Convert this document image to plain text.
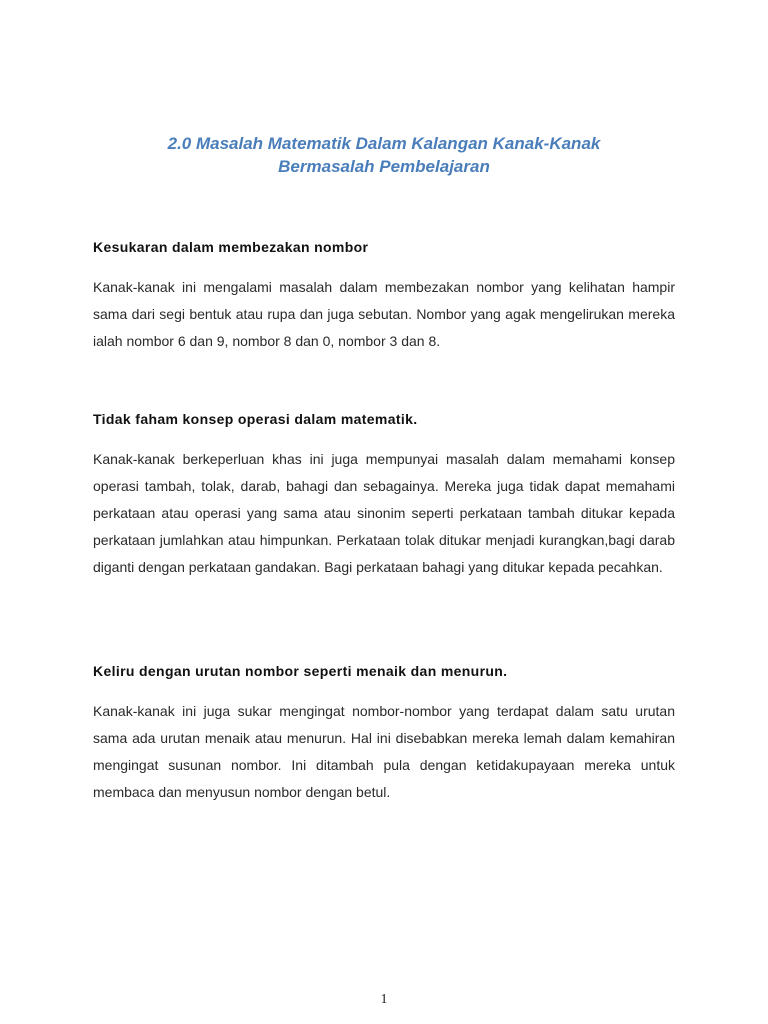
2.0 Masalah Matematik Dalam Kalangan Kanak-Kanak
Bermasalah Pembelajaran

Kesukaran dalam membezakan nombor

Kanak-kanak ini mengalami masalah dalam membezakan nombor yang kelihatan hampir sama dari segi bentuk atau rupa dan juga sebutan. Nombor yang agak mengelirukan mereka ialah nombor 6 dan 9, nombor 8 dan 0, nombor 3 dan 8.

Tidak faham konsep operasi dalam matematik.

Kanak-kanak berkeperluan khas ini juga mempunyai masalah dalam memahami konsep operasi tambah, tolak, darab, bahagi dan sebagainya. Mereka juga tidak dapat memahami perkataan atau operasi yang sama atau sinonim seperti perkataan tambah ditukar kepada perkataan jumlahkan atau himpunkan. Perkataan tolak ditukar menjadi kurangkan,bagi darab diganti dengan perkataan gandakan. Bagi perkataan bahagi yang ditukar kepada pecahkan.

Keliru dengan urutan nombor seperti menaik dan menurun.

Kanak-kanak ini juga sukar mengingat nombor-nombor yang terdapat dalam satu urutan sama ada urutan menaik atau menurun. Hal ini disebabkan mereka lemah dalam kemahiran mengingat susunan nombor. Ini ditambah pula dengan ketidakupayaan mereka untuk membaca dan menyusun nombor dengan betul.

1
